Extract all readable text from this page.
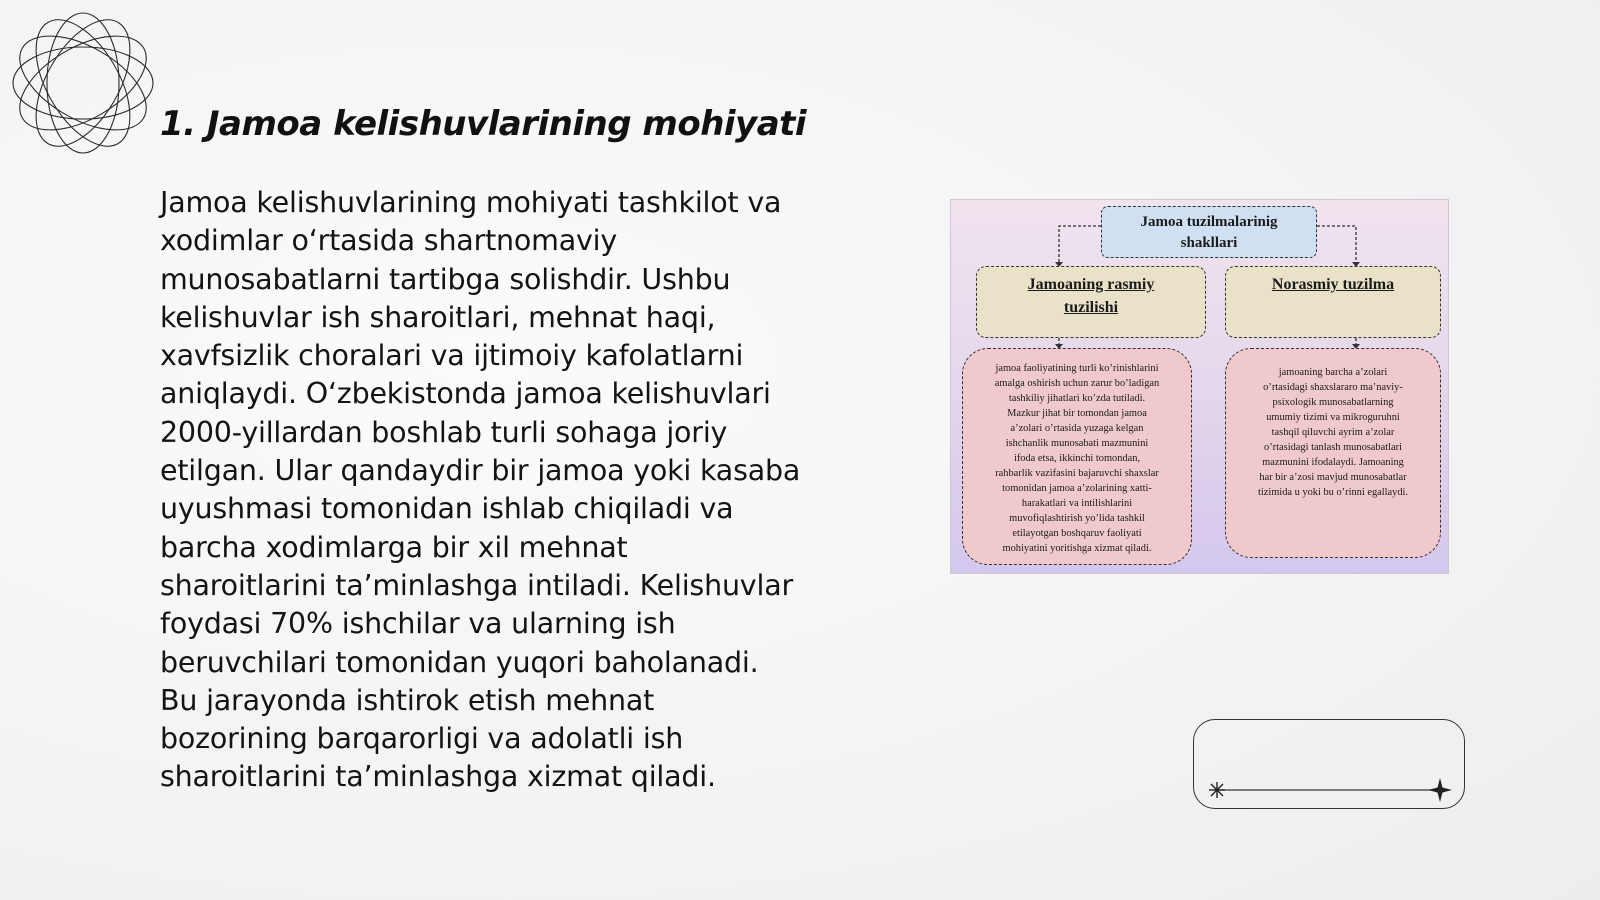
1. Jamoa kelishuvlarining mohiyati
Jamoa kelishuvlarining mohiyati tashkilot va
xodimlar o‘rtasida shartnomaviy
munosabatlarni tartibga solishdir. Ushbu
kelishuvlar ish sharoitlari, mehnat haqi,
xavfsizlik choralari va ijtimoiy kafolatlarni
aniqlaydi. O‘zbekistonda jamoa kelishuvlari
2000-yillardan boshlab turli sohaga joriy
etilgan. Ular qandaydir bir jamoa yoki kasaba
uyushmasi tomonidan ishlab chiqiladi va
barcha xodimlarga bir xil mehnat
sharoitlarini ta’minlashga intiladi. Kelishuvlar
foydasi 70% ishchilar va ularning ish
beruvchilari tomonidan yuqori baholanadi.
Bu jarayonda ishtirok etish mehnat
bozorining barqarorligi va adolatli ish
sharoitlarini ta’minlashga xizmat qiladi.
Jamoa tuzilmalarinig
shakllari
Jamoaning rasmiy
tuzilishi
Norasmiy tuzilma
jamoa faoliyatining turli ko’rinishlarini
amalga oshirish uchun zarur bo’ladigan
tashkiliy jihatlari ko’zda tutiladi.
Mazkur jihat bir tomondan jamoa
a’zolari o’rtasida yuzaga kelgan
ishchanlik munosabati mazmunini
ifoda etsa, ikkinchi tomondan,
rahbarlik vazifasini bajaruvchi shaxslar
tomonidan jamoa a’zolarining xatti-
harakatlari va intilishlarini
muvofiqlashtirish yo’lida tashkil
etilayotgan boshqaruv faoliyati
mohiyatini yoritishga xizmat qiladi.
jamoaning barcha a’zolari
o’rtasidagi shaxslararo ma’naviy-
psixologik munosabatlarning
umumiy tizimi va mikroguruhni
tashqil qiluvchi ayrim a’zolar
o’rtasidagi tanlash munosabatlari
mazmunini ifodalaydi. Jamoaning
har bir a’zosi mavjud munosabatlar
tizimida u yoki bu o’rinni egallaydi.
